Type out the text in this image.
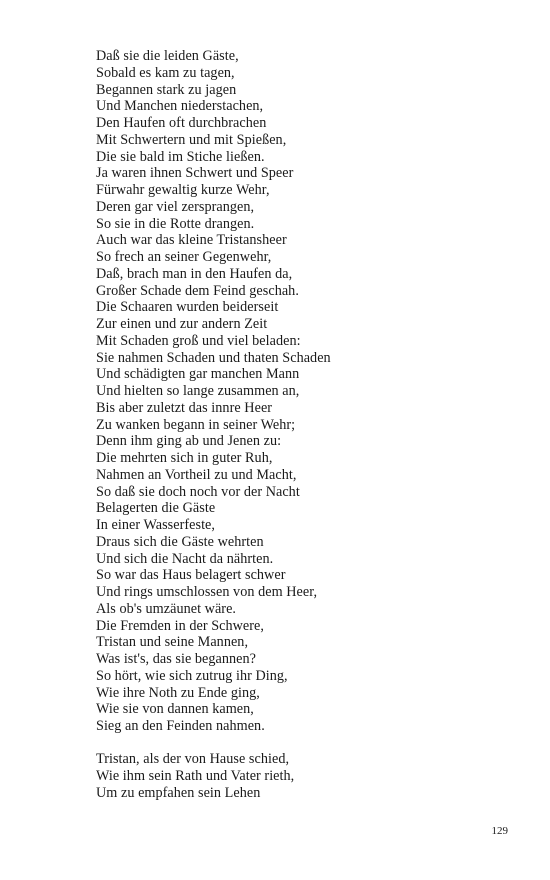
Daß sie die leiden Gäste,
Sobald es kam zu tagen,
Begannen stark zu jagen
Und Manchen niederstachen,
Den Haufen oft durchbrachen
Mit Schwertern und mit Spießen,
Die sie bald im Stiche ließen.
Ja waren ihnen Schwert und Speer
Fürwahr gewaltig kurze Wehr,
Deren gar viel zersprangen,
So sie in die Rotte drangen.
Auch war das kleine Tristansheer
So frech an seiner Gegenwehr,
Daß, brach man in den Haufen da,
Großer Schade dem Feind geschah.
Die Schaaren wurden beiderseit
Zur einen und zur andern Zeit
Mit Schaden groß und viel beladen:
Sie nahmen Schaden und thaten Schaden
Und schädigten gar manchen Mann
Und hielten so lange zusammen an,
Bis aber zuletzt das innre Heer
Zu wanken begann in seiner Wehr;
Denn ihm ging ab und Jenen zu:
Die mehrten sich in guter Ruh,
Nahmen an Vortheil zu und Macht,
So daß sie doch noch vor der Nacht
Belagerten die Gäste
In einer Wasserfeste,
Draus sich die Gäste wehrten
Und sich die Nacht da nährten.
So war das Haus belagert schwer
Und rings umschlossen von dem Heer,
Als ob's umzäunet wäre.
Die Fremden in der Schwere,
Tristan und seine Mannen,
Was ist's, das sie begannen?
So hört, wie sich zutrug ihr Ding,
Wie ihre Noth zu Ende ging,
Wie sie von dannen kamen,
Sieg an den Feinden nahmen.
Tristan, als der von Hause schied,
Wie ihm sein Rath und Vater rieth,
Um zu empfahen sein Lehen
129
